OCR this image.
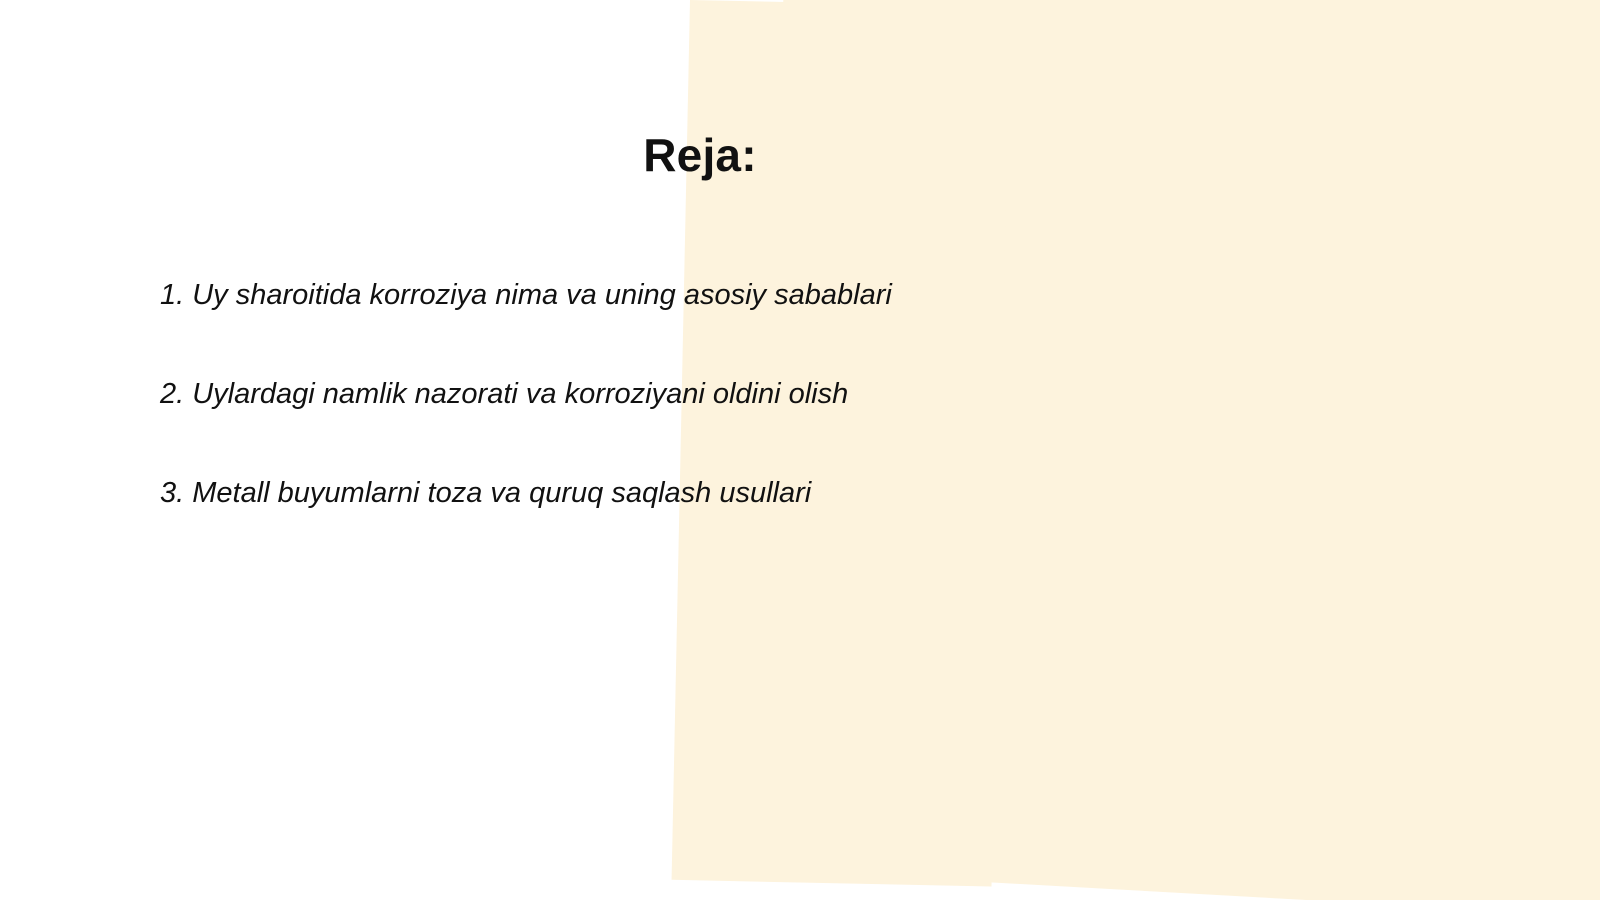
Reja:
1. Uy sharoitida korroziya nima va uning asosiy sabablari
2. Uylardagi namlik nazorati va korroziyani oldini olish
3. Metall buyumlarni toza va quruq saqlash usullari
